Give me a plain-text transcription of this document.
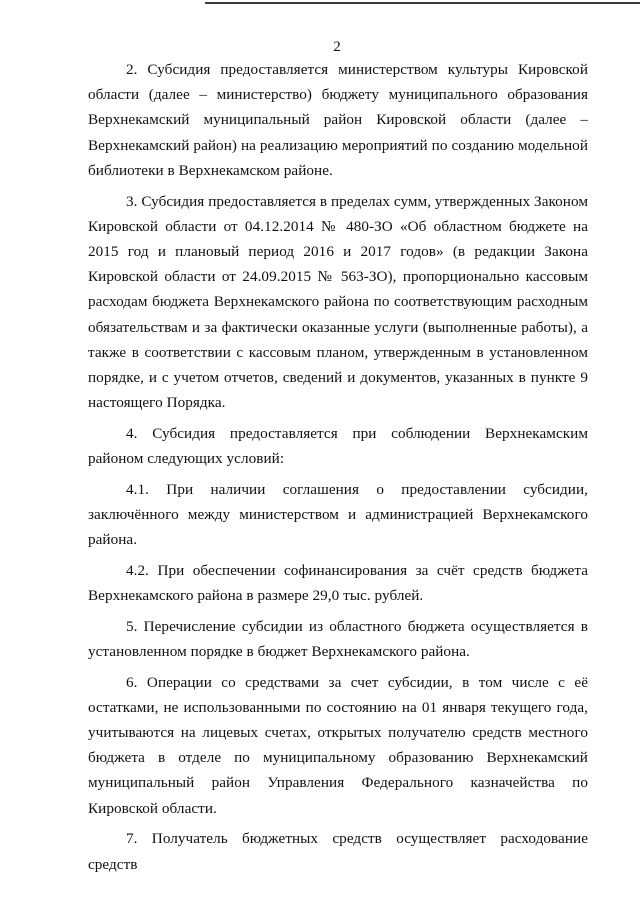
2

2. Субсидия предоставляется министерством культуры Кировской области (далее – министерство) бюджету муниципального образования Верхнекамский муниципальный район Кировской области (далее – Верхнекамский район) на реализацию мероприятий по созданию модельной библиотеки в Верхнекамском районе.

3. Субсидия предоставляется в пределах сумм, утвержденных Законом Кировской области от 04.12.2014 № 480-ЗО «Об областном бюджете на 2015 год и плановый период 2016 и 2017 годов» (в редакции Закона Кировской области от 24.09.2015 № 563-ЗО), пропорционально кассовым расходам бюджета Верхнекамского района по соответствующим расходным обязательствам и за фактически оказанные услуги (выполненные работы), а также в соответствии с кассовым планом, утвержденным в установленном порядке, и с учетом отчетов, сведений и документов, указанных в пункте 9 настоящего Порядка.

4. Субсидия предоставляется при соблюдении Верхнекамским районом следующих условий:

4.1. При наличии соглашения о предоставлении субсидии, заключённого между министерством и администрацией Верхнекамского района.

4.2. При обеспечении софинансирования за счёт средств бюджета Верхнекамского района в размере 29,0 тыс. рублей.

5. Перечисление субсидии из областного бюджета осуществляется в установленном порядке в бюджет Верхнекамского района.

6. Операции со средствами за счет субсидии, в том числе с её остатками, не использованными по состоянию на 01 января текущего года, учитываются на лицевых счетах, открытых получателю средств местного бюджета в отделе по муниципальному образованию Верхнекамский муниципальный район Управления Федерального казначейства по Кировской области.

7. Получатель бюджетных средств осуществляет расходование средств
